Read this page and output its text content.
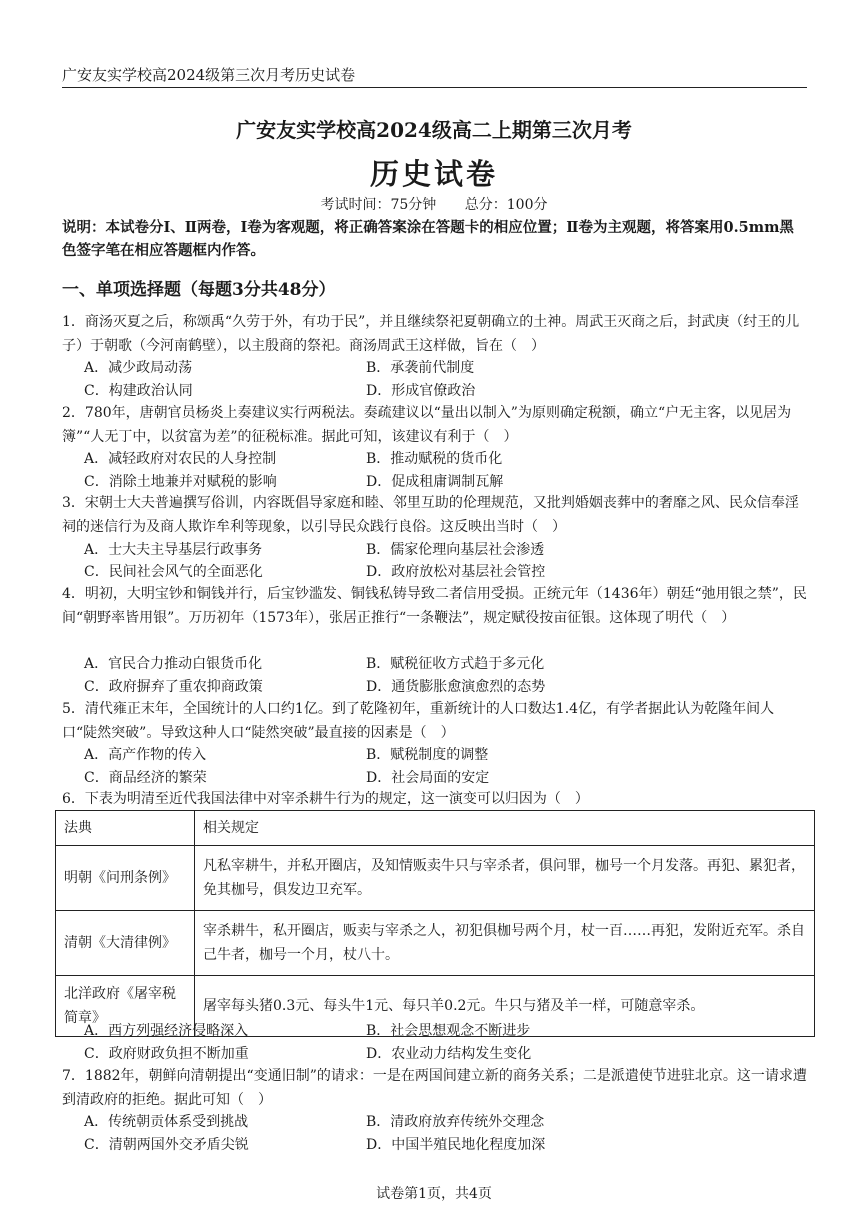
广安友实学校高2024级第三次月考历史试卷
广安友实学校高2024级高二上期第三次月考
历史试卷
考试时间：75分钟 总分：100分
说明：本试卷分Ⅰ、Ⅱ两卷，Ⅰ卷为客观题，将正确答案涂在答题卡的相应位置；Ⅱ卷为主观题，将答案用0.5mm黑色签字笔在相应答题框内作答。
一、单项选择题（每题3分共48分）
1．商汤灭夏之后，称颂禹“久劳于外，有功于民”，并且继续祭祀夏朝确立的土神。周武王灭商之后，封武庚（纣王的儿子）于朝歌（今河南鹤壁），以主殷商的祭祀。商汤周武王这样做，旨在（　）
A．减少政局动荡	B．承袭前代制度
C．构建政治认同	D．形成官僚政治
2．780年，唐朝官员杨炎上奏建议实行两税法。奏疏建议以“量出以制入”为原则确定税额，确立“户无主客，以见居为簿”“人无丁中，以贫富为差”的征税标准。据此可知，该建议有利于（　）
A．减轻政府对农民的人身控制	B．推动赋税的货币化
C．消除土地兼并对赋税的影响	D．促成租庸调制瓦解
3．宋朝士大夫普遍撰写俗训，内容既倡导家庭和睦、邻里互助的伦理规范，又批判婚姻丧葬中的奢靡之风、民众信奉淫祠的迷信行为及商人欺诈牟利等现象，以引导民众践行良俗。这反映出当时（　）
A．士大夫主导基层行政事务	B．儒家伦理向基层社会渗透
C．民间社会风气的全面恶化	D．政府放松对基层社会管控
4．明初，大明宝钞和铜钱并行，后宝钞滥发、铜钱私铸导致二者信用受损。正统元年（1436年）朝廷“弛用银之禁”，民间“朝野率皆用银”。万历初年（1573年），张居正推行“一条鞭法”，规定赋役按亩征银。这体现了明代（　）
A．官民合力推动白银货币化	B．赋税征收方式趋于多元化
C．政府摒弃了重农抑商政策	D．通货膨胀愈演愈烈的态势
5．清代雍正末年，全国统计的人口约1亿。到了乾隆初年，重新统计的人口数达1.4亿，有学者据此认为乾隆年间人口“陡然突破”。导致这种人口“陡然突破”最直接的因素是（　）
A．高产作物的传入	B．赋税制度的调整
C．商品经济的繁荣	D．社会局面的安定
6．下表为明清至近代我国法律中对宰杀耕牛行为的规定，这一演变可以归因为（　）
法典	相关规定
明朝《问刑条例》	凡私宰耕牛，并私开圈店，及知情贩卖牛只与宰杀者，俱问罪，枷号一个月发落。再犯、累犯者，免其枷号，俱发边卫充军。
清朝《大清律例》	宰杀耕牛，私开圈店，贩卖与宰杀之人，初犯俱枷号两个月，杖一百……再犯，发附近充军。杀自己牛者，枷号一个月，杖八十。
北洋政府《屠宰税简章》	屠宰每头猪0.3元、每头牛1元、每只羊0.2元。牛只与猪及羊一样，可随意宰杀。
A．西方列强经济侵略深入	B．社会思想观念不断进步
C．政府财政负担不断加重	D．农业动力结构发生变化
7．1882年，朝鲜向清朝提出“变通旧制”的请求：一是在两国间建立新的商务关系；二是派遣使节进驻北京。这一请求遭到清政府的拒绝。据此可知（　）
A．传统朝贡体系受到挑战	B．清政府放弃传统外交理念
C．清朝两国外交矛盾尖锐	D．中国半殖民地化程度加深
试卷第1页，共4页
